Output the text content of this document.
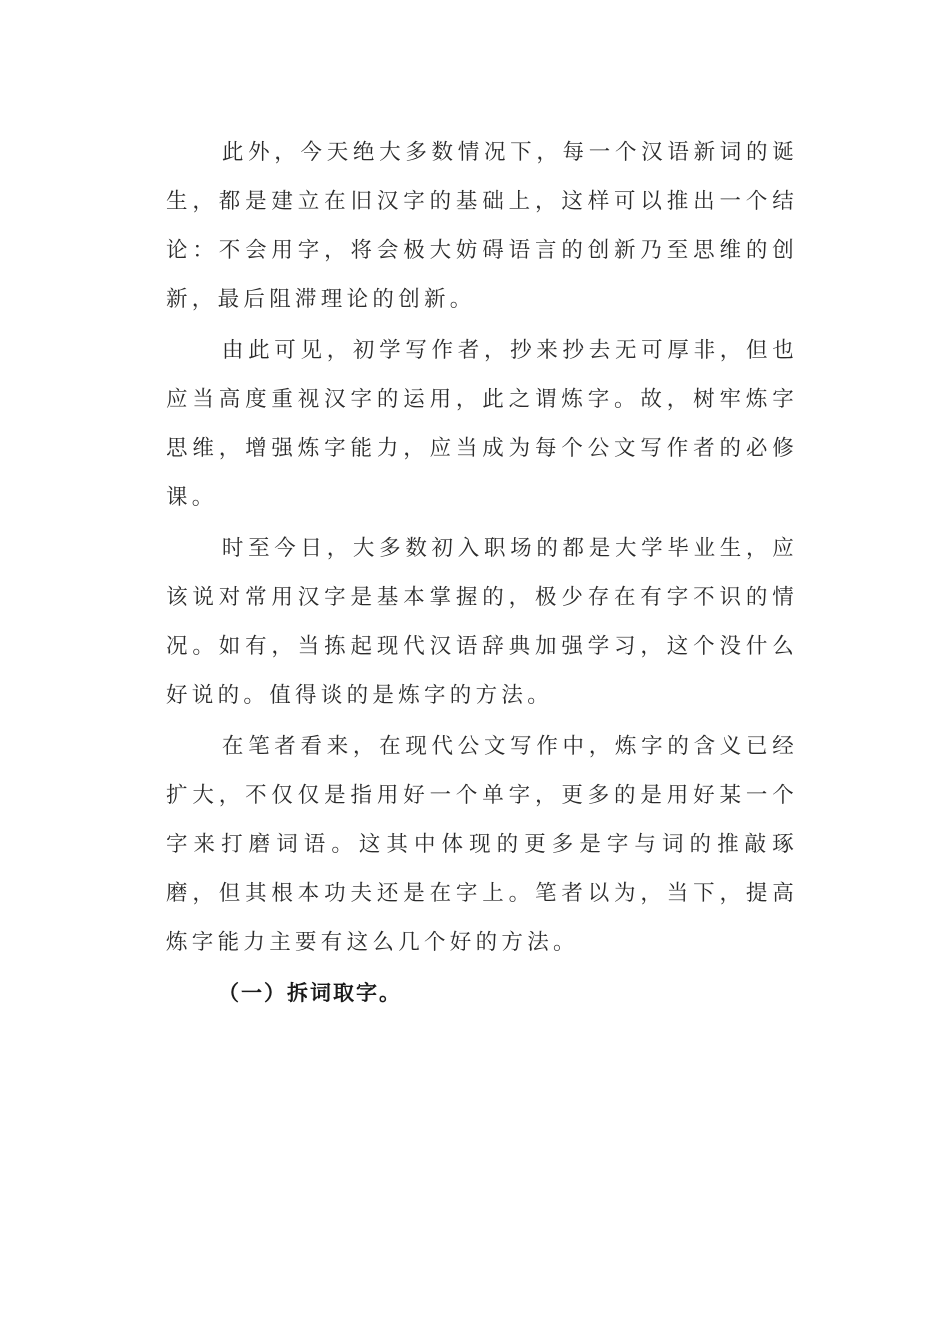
此外，今天绝大多数情况下，每一个汉语新词的诞生，都是建立在旧汉字的基础上，这样可以推出一个结论：不会用字，将会极大妨碍语言的创新乃至思维的创新，最后阻滞理论的创新。

由此可见，初学写作者，抄来抄去无可厚非，但也应当高度重视汉字的运用，此之谓炼字。故，树牢炼字思维，增强炼字能力，应当成为每个公文写作者的必修课。

时至今日，大多数初入职场的都是大学毕业生，应该说对常用汉字是基本掌握的，极少存在有字不识的情况。如有，当拣起现代汉语辞典加强学习，这个没什么好说的。值得谈的是炼字的方法。

在笔者看来，在现代公文写作中，炼字的含义已经扩大，不仅仅是指用好一个单字，更多的是用好某一个字来打磨词语。这其中体现的更多是字与词的推敲琢磨，但其根本功夫还是在字上。笔者以为，当下，提高炼字能力主要有这么几个好的方法。

（一）拆词取字。
